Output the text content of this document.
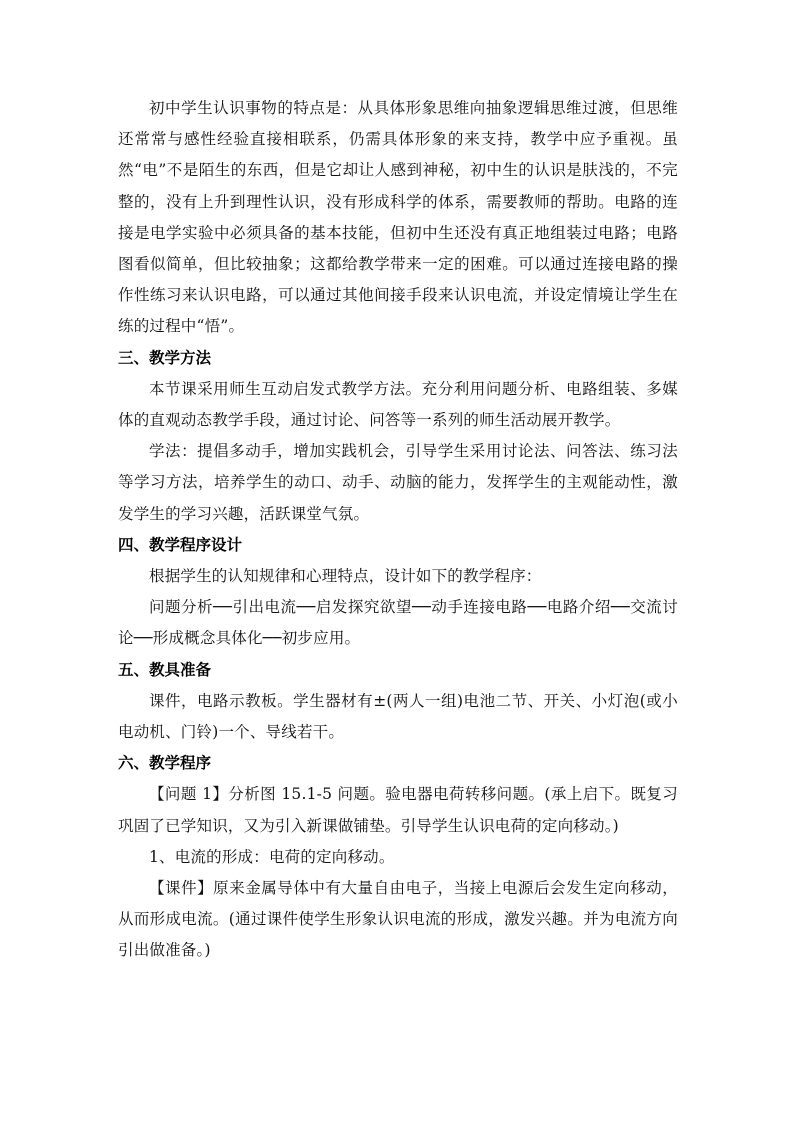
初中学生认识事物的特点是：从具体形象思维向抽象逻辑思维过渡，但思维还常常与感性经验直接相联系，仍需具体形象的来支持，教学中应予重视。虽然“电”不是陌生的东西，但是它却让人感到神秘，初中生的认识是肤浅的，不完整的，没有上升到理性认识，没有形成科学的体系，需要教师的帮助。电路的连接是电学实验中必须具备的基本技能，但初中生还没有真正地组装过电路；电路图看似简单，但比较抽象；这都给教学带来一定的困难。可以通过连接电路的操作性练习来认识电路，可以通过其他间接手段来认识电流，并设定情境让学生在练的过程中“悟”。

三、教学方法

本节课采用师生互动启发式教学方法。充分利用问题分析、电路组装、多媒体的直观动态教学手段，通过讨论、问答等一系列的师生活动展开教学。

学法：提倡多动手，增加实践机会，引导学生采用讨论法、问答法、练习法等学习方法，培养学生的动口、动手、动脑的能力，发挥学生的主观能动性，激发学生的学习兴趣，活跃课堂气氛。

四、教学程序设计

根据学生的认知规律和心理特点，设计如下的教学程序：

问题分析──引出电流──启发探究欲望──动手连接电路──电路介绍──交流讨论──形成概念具体化──初步应用。

五、教具准备

课件，电路示教板。学生器材有±(两人一组)电池二节、开关、小灯泡(或小电动机、门铃)一个、导线若干。

六、教学程序

【问题 1】分析图 15.1-5 问题。验电器电荷转移问题。(承上启下。既复习巩固了已学知识，又为引入新课做铺垫。引导学生认识电荷的定向移动。)

1、电流的形成：电荷的定向移动。

【课件】原来金属导体中有大量自由电子，当接上电源后会发生定向移动，从而形成电流。(通过课件使学生形象认识电流的形成，激发兴趣。并为电流方向引出做准备。)
